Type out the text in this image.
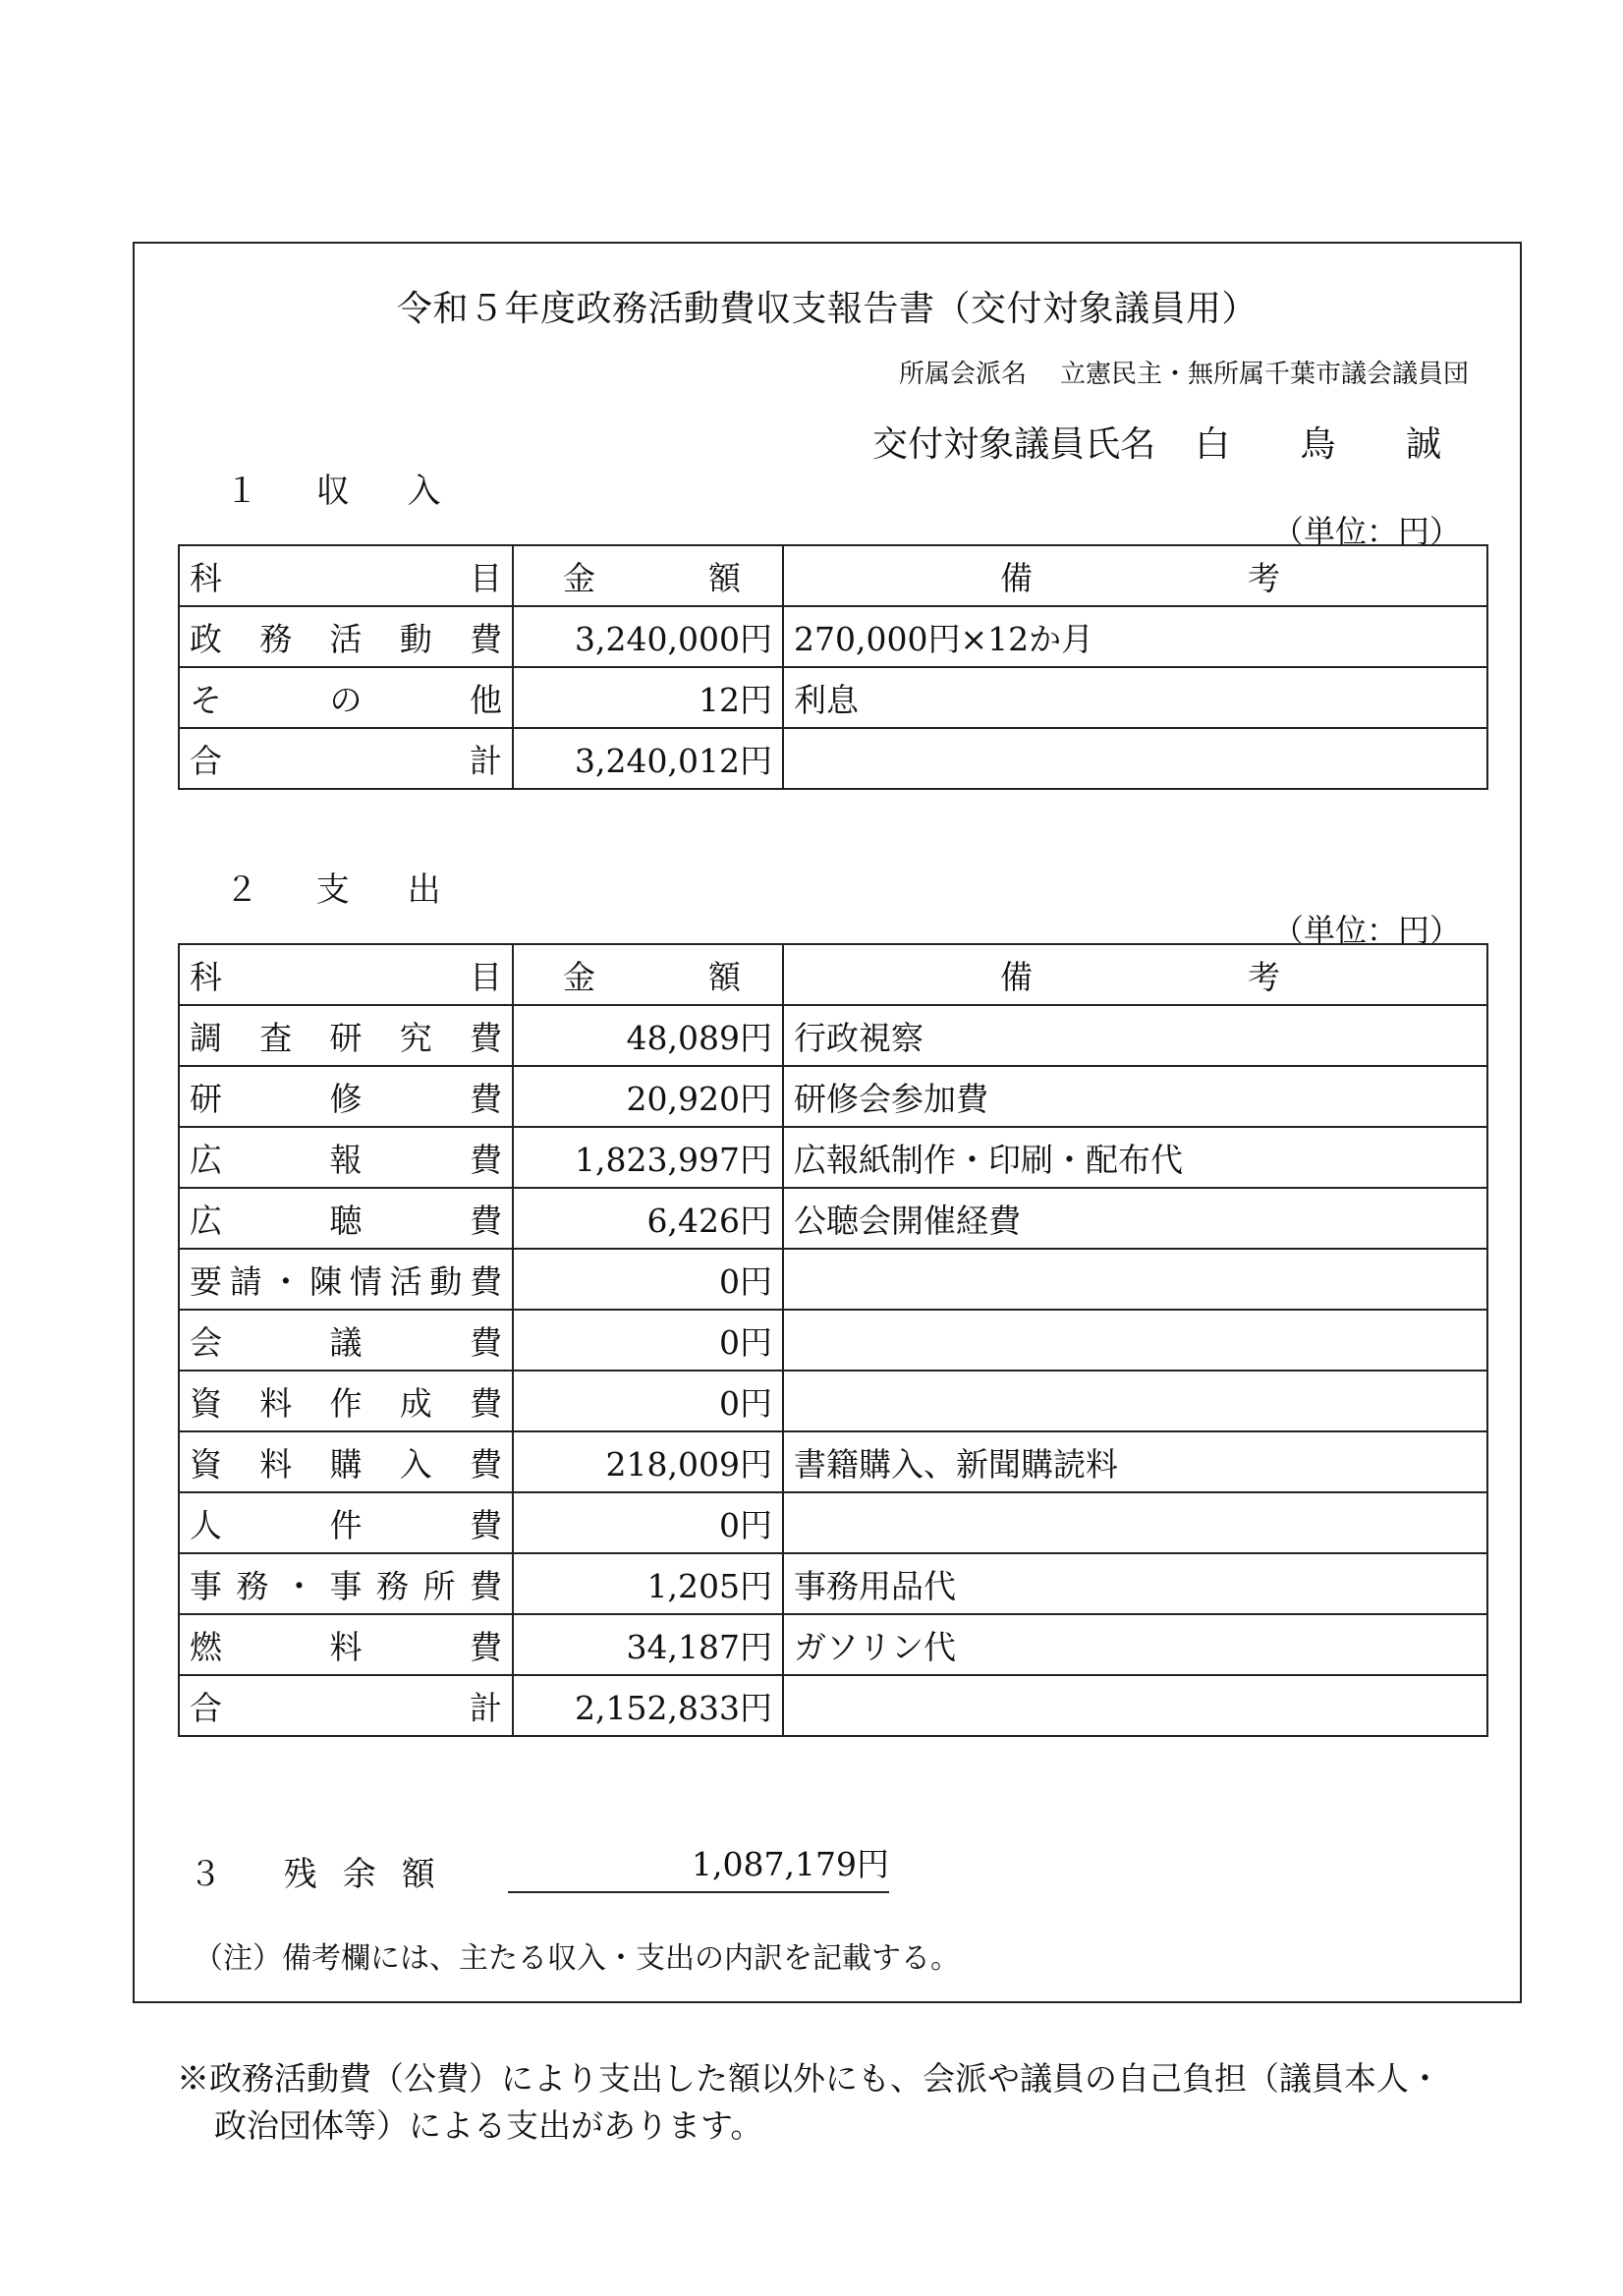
令和５年度政務活動費収支報告書（交付対象議員用）
所属会派名 立憲民主・無所属千葉市議会議員団
交付対象議員氏名 白 鳥 誠
１ 収 入
（単位：円）
科目	金額	備考
政務活動費	3,240,000円	270,000円×12か月
その他	12円	利息
合計	3,240,012円	
２ 支 出
（単位：円）
科目	金額	備考
調査研究費	48,089円	行政視察
研修費	20,920円	研修会参加費
広報費	1,823,997円	広報紙制作・印刷・配布代
広聴費	6,426円	公聴会開催経費
要請・陳情活動費	0円	
会議費	0円	
資料作成費	0円	
資料購入費	218,009円	書籍購入、新聞購読料
人件費	0円	
事務・事務所費	1,205円	事務用品代
燃料費	34,187円	ガソリン代
合計	2,152,833円	
３ 残余額	1,087,179円
（注）備考欄には、主たる収入・支出の内訳を記載する。
※政務活動費（公費）により支出した額以外にも、会派や議員の自己負担（議員本人・
政治団体等）による支出があります。
